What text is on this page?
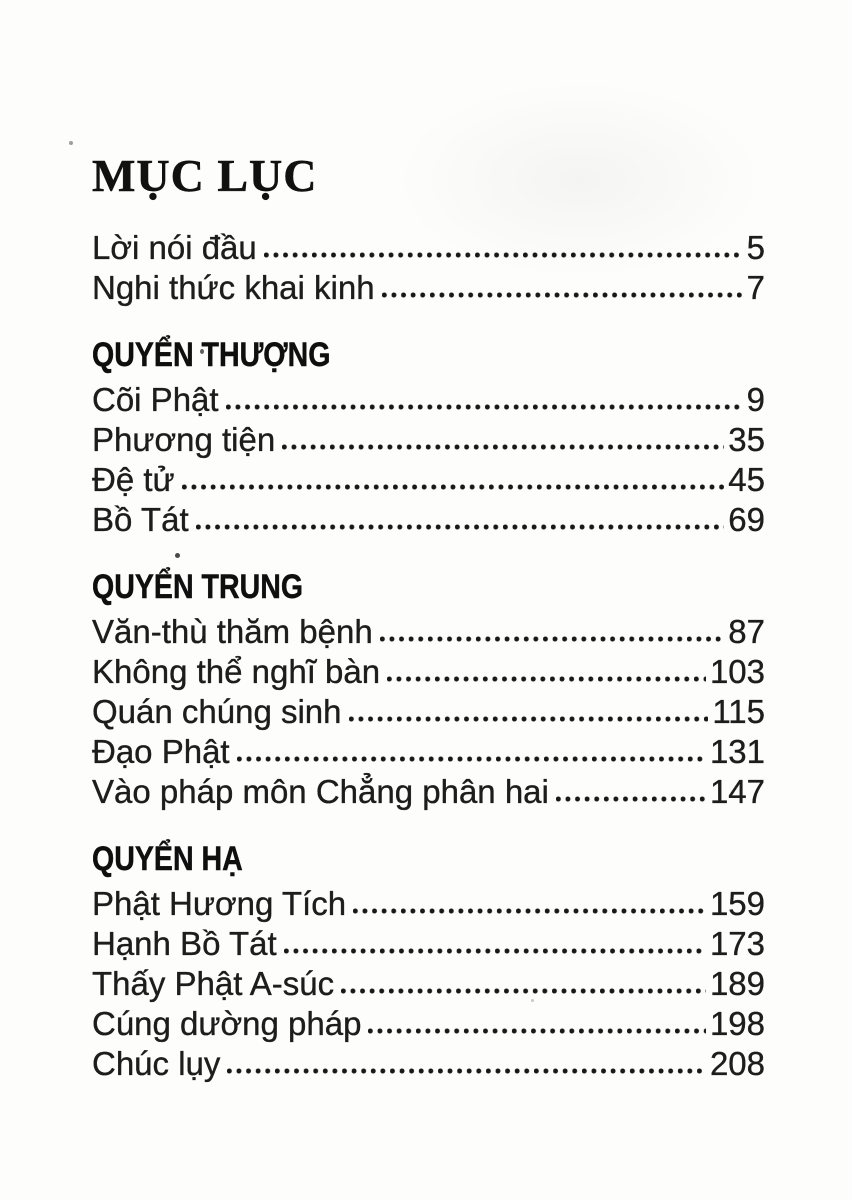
MỤC LỤC
Lời nói đầu	5
Nghi thức khai kinh	7
QUYỂN THƯỢNG
Cõi Phật	9
Phương tiện	35
Đệ tử	45
Bồ Tát	69
QUYỂN TRUNG
Văn-thù thăm bệnh	87
Không thể nghĩ bàn	103
Quán chúng sinh	115
Đạo Phật	131
Vào pháp môn Chẳng phân hai	147
QUYỂN HẠ
Phật Hương Tích	159
Hạnh Bồ Tát	173
Thấy Phật A-súc	189
Cúng dường pháp	198
Chúc lụy	208
